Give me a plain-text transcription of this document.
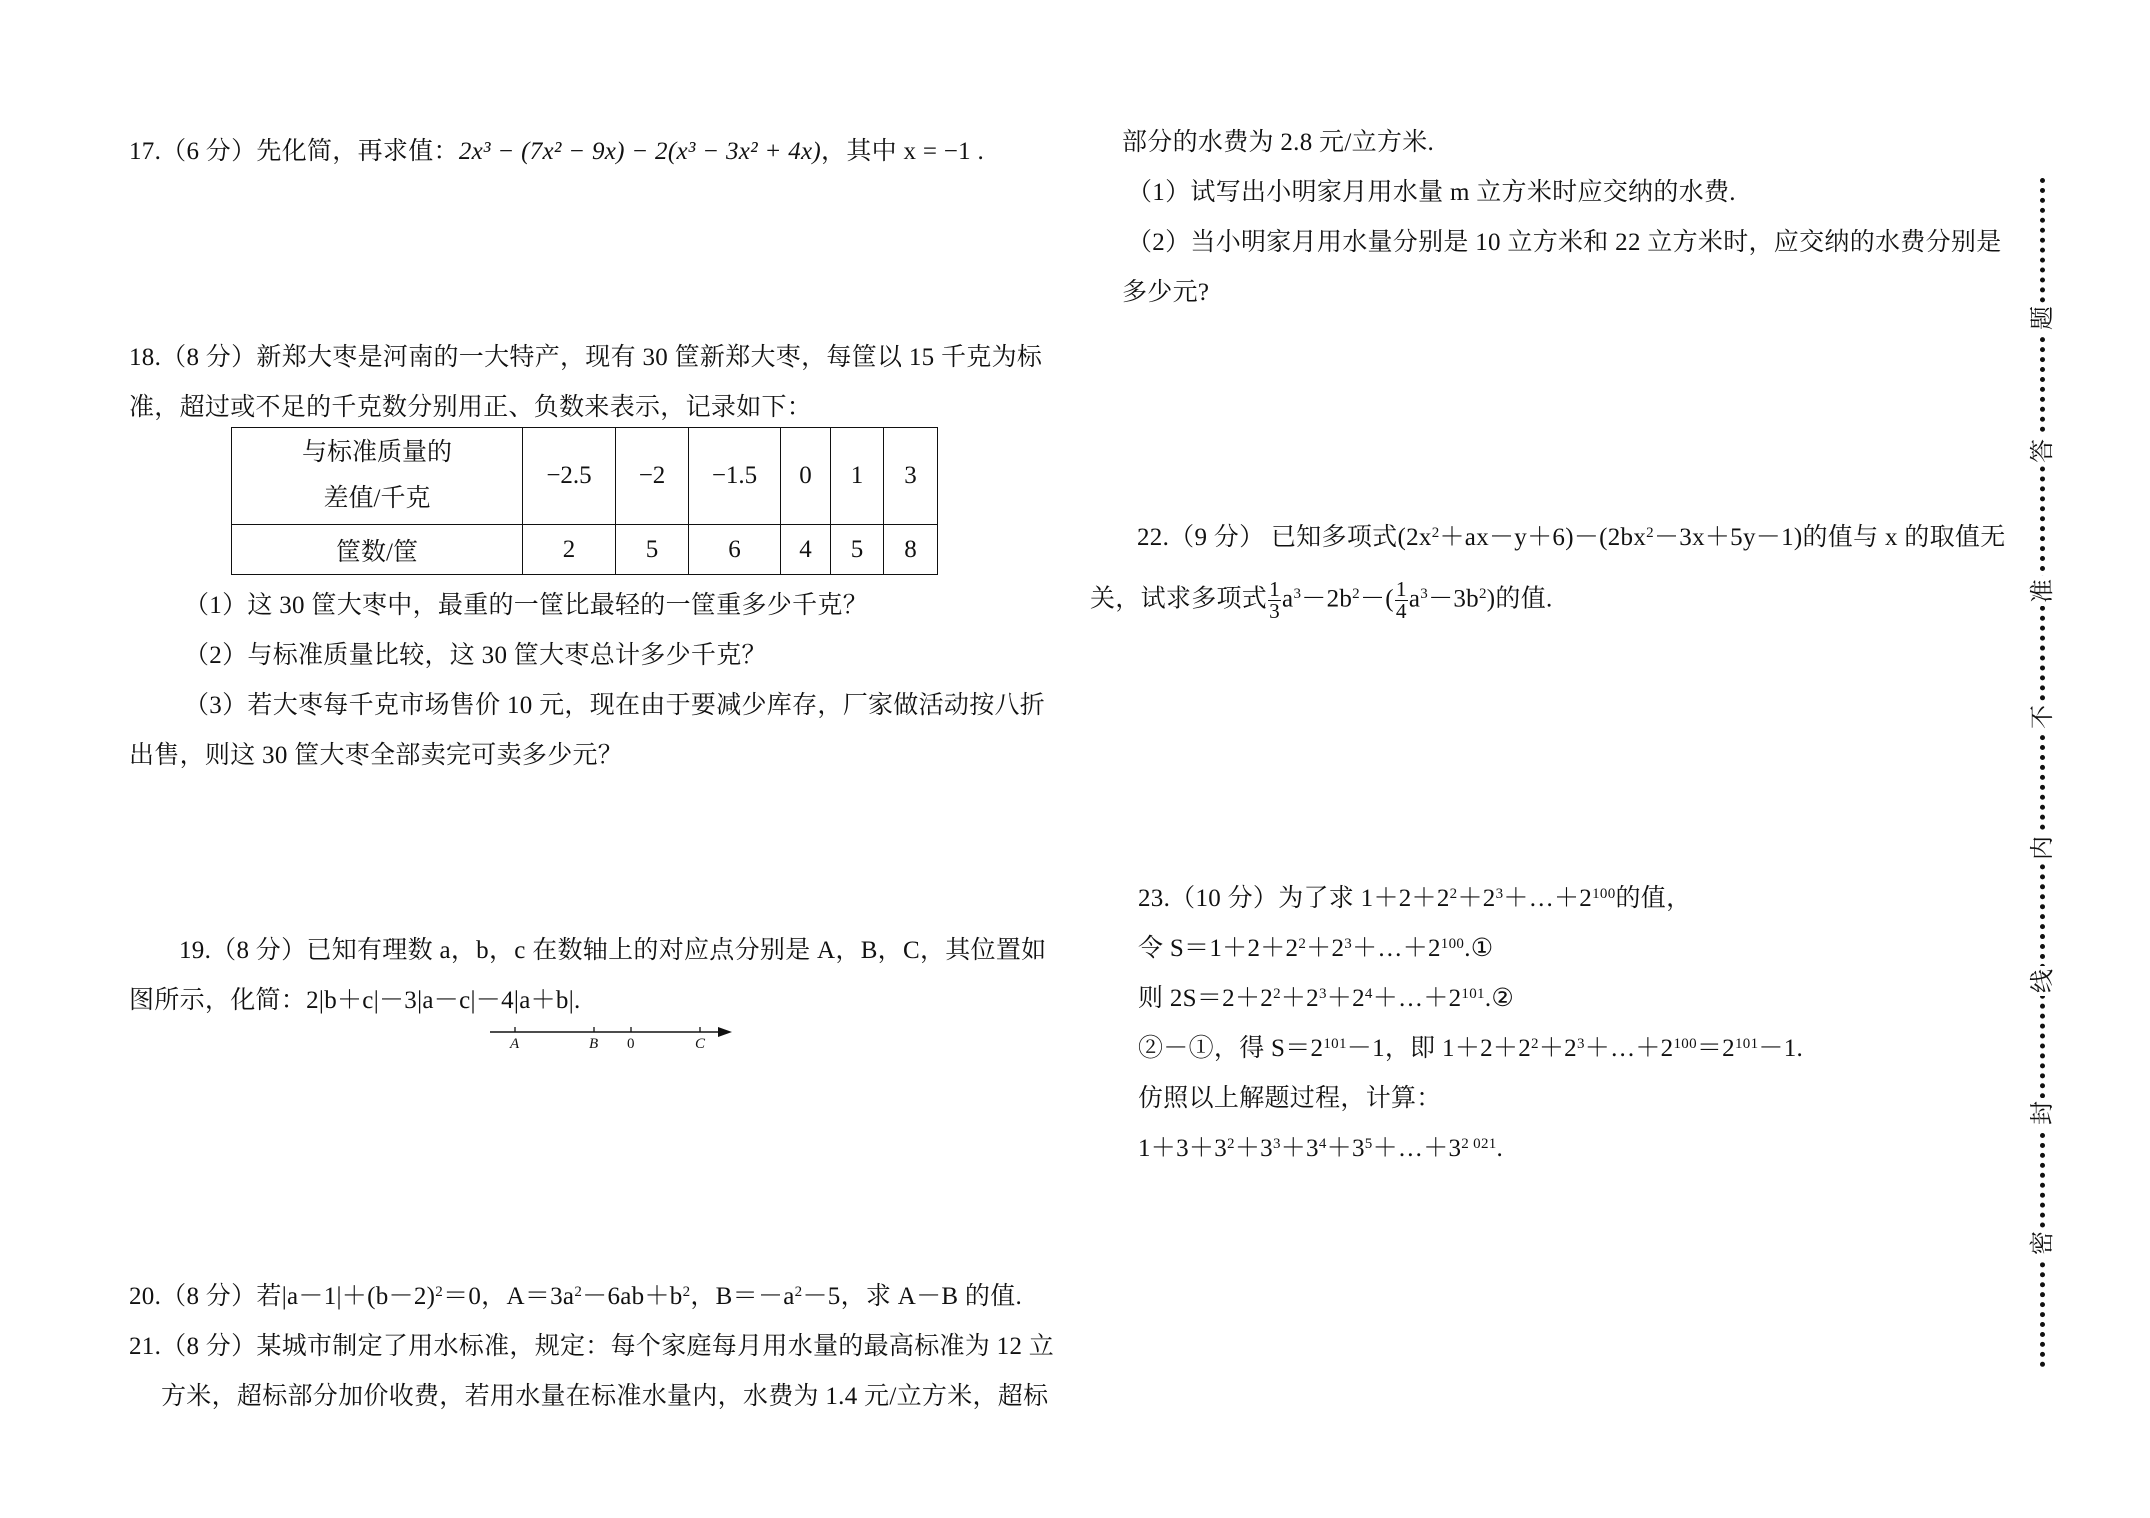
17.（6 分）先化简，再求值：2x³ − (7x² − 9x) − 2(x³ − 3x² + 4x)，其中 x = −1 .
18.（8 分）新郑大枣是河南的一大特产，现有 30 筐新郑大枣，每筐以 15 千克为标
准，超过或不足的千克数分别用正、负数来表示，记录如下：
与标准质量的
差值/千克	−2.5	−2	−1.5	0	1	3
筐数/筐	2	5	6	4	5	8
（1）这 30 筐大枣中，最重的一筐比最轻的一筐重多少千克？
（2）与标准质量比较，这 30 筐大枣总计多少千克？
（3）若大枣每千克市场售价 10 元，现在由于要减少库存，厂家做活动按八折
出售，则这 30 筐大枣全部卖完可卖多少元？
19.（8 分）已知有理数 a，b，c 在数轴上的对应点分别是 A，B，C，其位置如
图所示，化简：2|b＋c|－3|a－c|－4|a＋b|.
A	B 0	C
20.（8 分）若$|a-1|+(b-2)^2=0$，$A=3a^2-6ab+b^2$，$B=-a^2-5$，求 A－B 的值.
21.（8 分）某城市制定了用水标准，规定：每个家庭每月用水量的最高标准为 12 立
方米，超标部分加价收费，若用水量在标准水量内，水费为 1.4 元/立方米，超标
部分的水费为 2.8 元/立方米.
（1）试写出小明家月用水量 m 立方米时应交纳的水费.
（2）当小明家月用水量分别是 10 立方米和 22 立方米时，应交纳的水费分别是
多少元?
22.（9 分） 已知多项式$(2x^2+ax-y+6)-(2bx^2-3x+5y-1)$的值与 x 的取值无
关，试求多项式 $\frac{1}{3} a^3-2b^2-( \frac{1}{4} a^3-3b^2)$的值.
23.（10 分）为了求 $1+2+2^2+2^3+\dots+2^{100}$的值，
令 $S=1+2+2^2+2^3+\dots+2^{100}.①$
则 $2S=2+2^2+2^3+2^4+\dots+2^{101}.②$
②－①，得 $S=2^{101}-1$，即 $1+2+2^2+2^3+\dots+2^{100}=2^{101}-1$.
仿照以上解题过程，计算：
$1+3+3^2+3^3+3^4+3^5+\dots+3^{2 021}$.
题
答
准
不
内
线
封
密
